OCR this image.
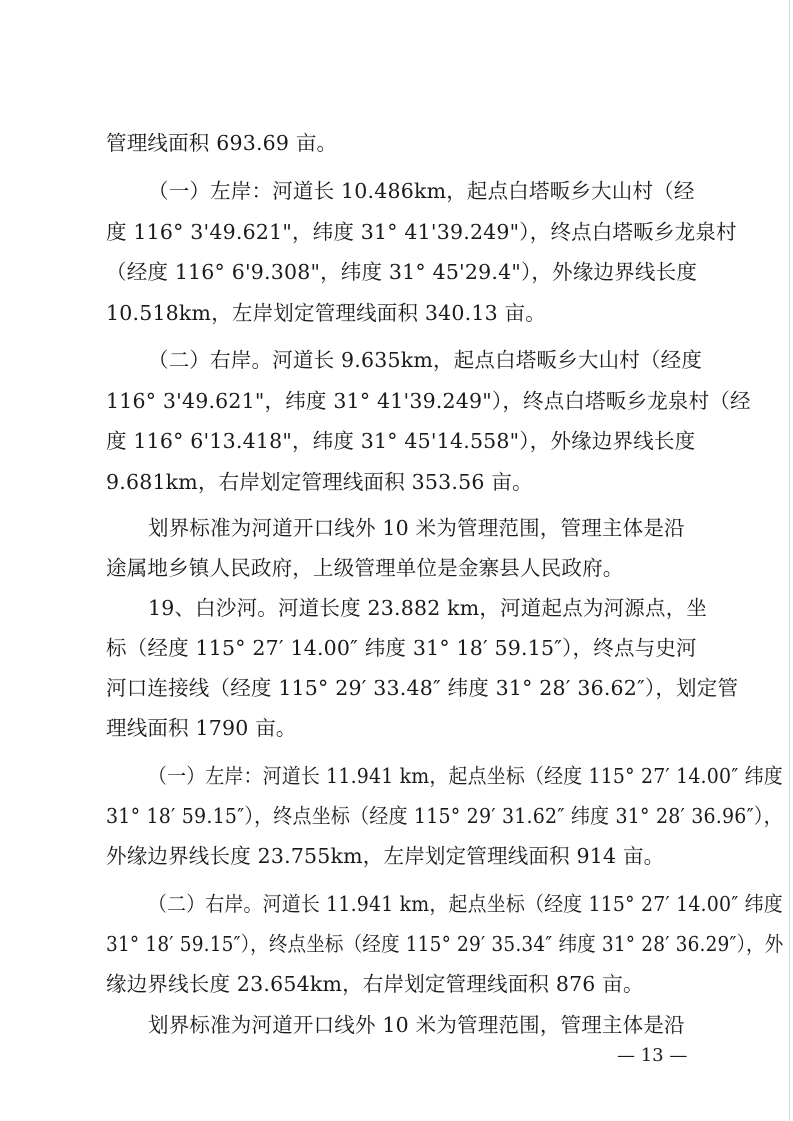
管理线面积 693.69 亩。
（一）左岸：河道长 10.486km，起点白塔畈乡大山村（经
度 116° 3'49.621"，纬度 31° 41'39.249"），终点白塔畈乡龙泉村
（经度 116° 6'9.308"，纬度 31° 45'29.4"），外缘边界线长度
10.518km，左岸划定管理线面积 340.13 亩。
（二）右岸。河道长 9.635km，起点白塔畈乡大山村（经度
116° 3'49.621"，纬度 31° 41'39.249"），终点白塔畈乡龙泉村（经
度 116° 6'13.418"，纬度 31° 45'14.558"），外缘边界线长度
9.681km，右岸划定管理线面积 353.56 亩。
划界标准为河道开口线外 10 米为管理范围，管理主体是沿
途属地乡镇人民政府，上级管理单位是金寨县人民政府。
19、白沙河。河道长度 23.882 km，河道起点为河源点，坐
标（经度 115° 27′ 14.00″ 纬度 31° 18′ 59.15″），终点与史河
河口连接线（经度 115° 29′ 33.48″ 纬度 31° 28′ 36.62″），划定管
理线面积 1790 亩。
（一）左岸：河道长 11.941 km，起点坐标（经度 115° 27′ 14.00″ 纬度
31° 18′ 59.15″），终点坐标（经度 115° 29′ 31.62″ 纬度 31° 28′ 36.96″），
外缘边界线长度 23.755km，左岸划定管理线面积 914 亩。
（二）右岸。河道长 11.941 km，起点坐标（经度 115° 27′ 14.00″ 纬度
31° 18′ 59.15″），终点坐标（经度 115° 29′ 35.34″ 纬度 31° 28′ 36.29″），外
缘边界线长度 23.654km，右岸划定管理线面积 876 亩。
划界标准为河道开口线外 10 米为管理范围，管理主体是沿
— 13 —
